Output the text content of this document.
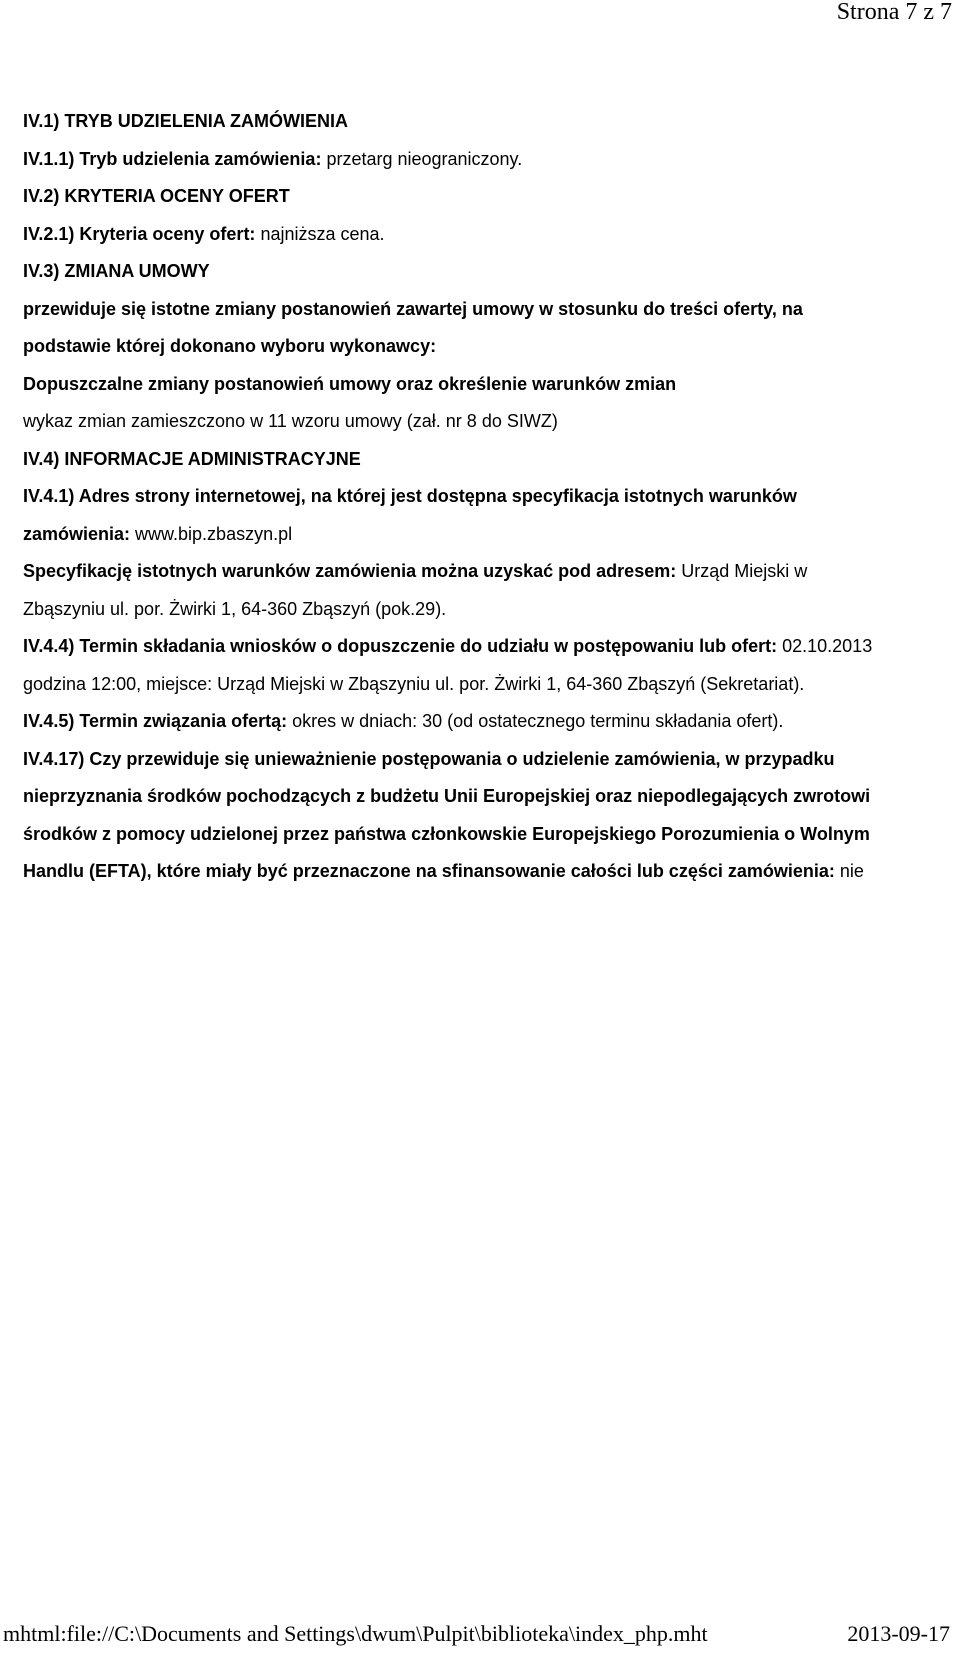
Strona 7 z 7
IV.1) TRYB UDZIELENIA ZAMÓWIENIA
IV.1.1) Tryb udzielenia zamówienia: przetarg nieograniczony.
IV.2) KRYTERIA OCENY OFERT
IV.2.1) Kryteria oceny ofert: najniższa cena.
IV.3) ZMIANA UMOWY
przewiduje się istotne zmiany postanowień zawartej umowy w stosunku do treści oferty, na
podstawie której dokonano wyboru wykonawcy:
Dopuszczalne zmiany postanowień umowy oraz określenie warunków zmian
wykaz zmian zamieszczono w 11 wzoru umowy (zał. nr 8 do SIWZ)
IV.4) INFORMACJE ADMINISTRACYJNE
IV.4.1) Adres strony internetowej, na której jest dostępna specyfikacja istotnych warunków
zamówienia: www.bip.zbaszyn.pl
Specyfikację istotnych warunków zamówienia można uzyskać pod adresem: Urząd Miejski w
Zbąszyniu ul. por. Żwirki 1, 64-360 Zbąszyń (pok.29).
IV.4.4) Termin składania wniosków o dopuszczenie do udziału w postępowaniu lub ofert: 02.10.2013
godzina 12:00, miejsce: Urząd Miejski w Zbąszyniu ul. por. Żwirki 1, 64-360 Zbąszyń (Sekretariat).
IV.4.5) Termin związania ofertą: okres w dniach: 30 (od ostatecznego terminu składania ofert).
IV.4.17) Czy przewiduje się unieważnienie postępowania o udzielenie zamówienia, w przypadku
nieprzyznania środków pochodzących z budżetu Unii Europejskiej oraz niepodlegających zwrotowi
środków z pomocy udzielonej przez państwa członkowskie Europejskiego Porozumienia o Wolnym
Handlu (EFTA), które miały być przeznaczone na sfinansowanie całości lub części zamówienia: nie
mhtml:file://C:\Documents and Settings\dwum\Pulpit\biblioteka\index_php.mht	2013-09-17
